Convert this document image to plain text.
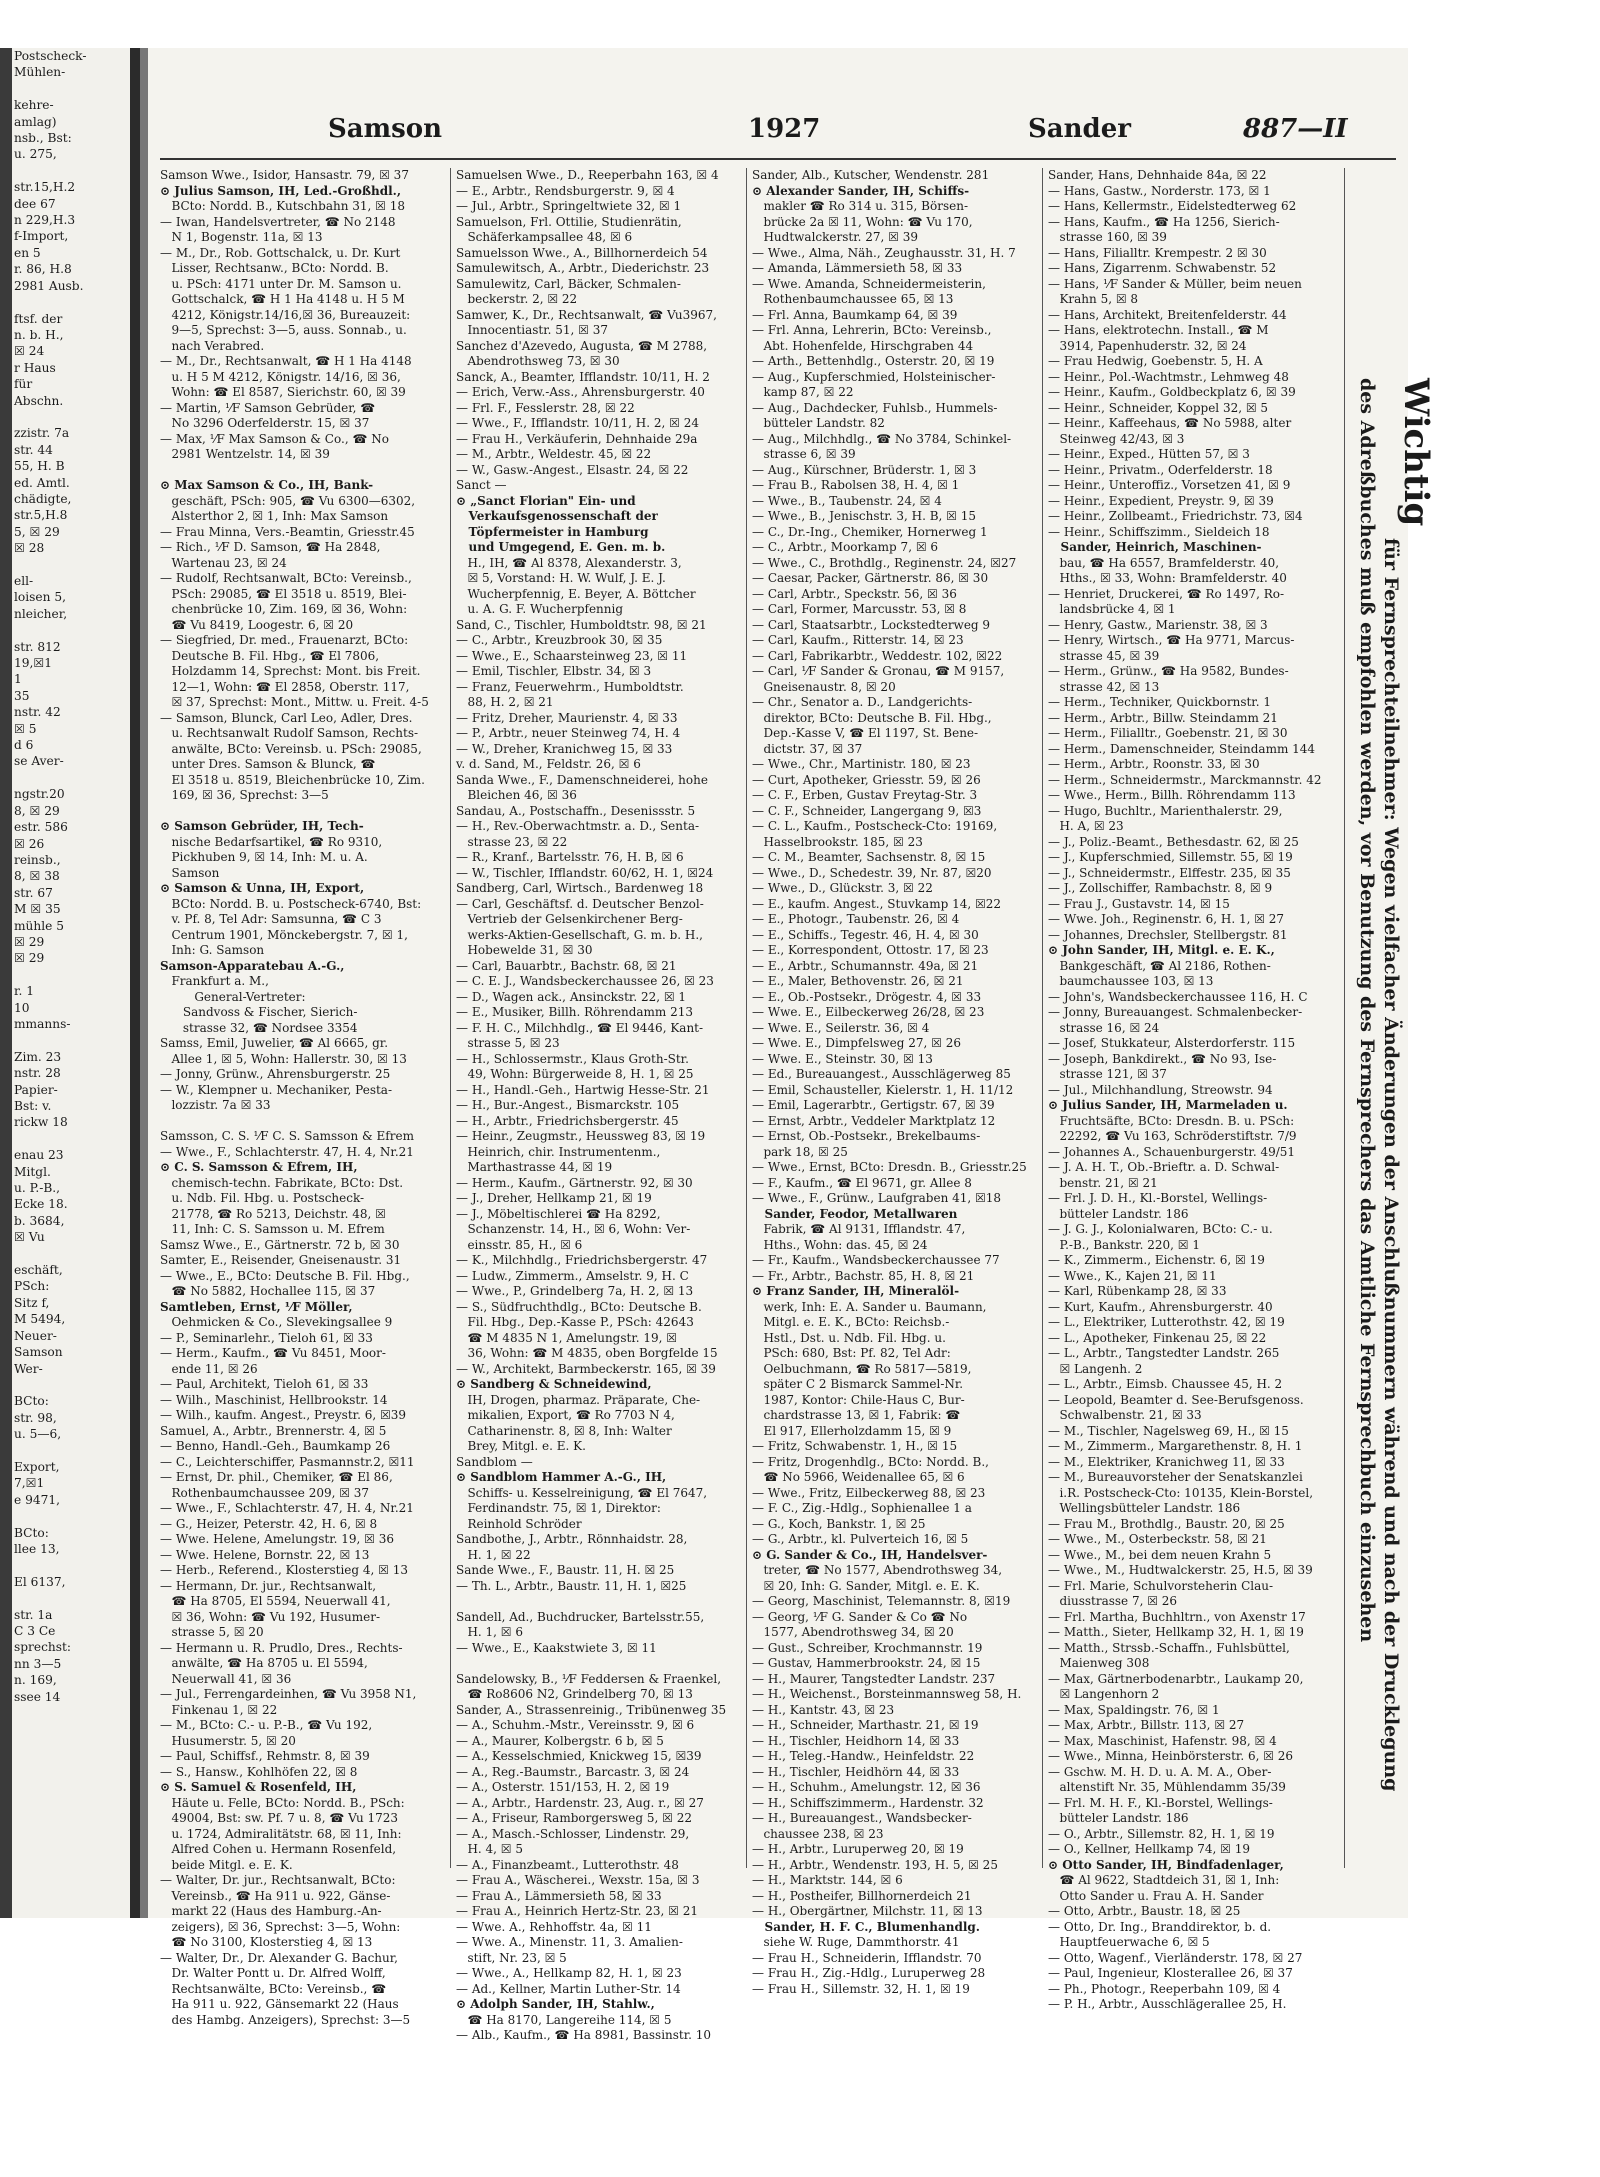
Postscheck-
Mühlen-

kehre-
amlag)
nsb., Bst:
u. 275,

str.15,H.2
dee 67
n 229,H.3
f-Import,
en 5
r. 86, H.8
2981 Ausb.

ftsf. der
n. b. H.,
☒ 24
r Haus
für
Abschn.

zzistr. 7a
str. 44
55, H. B
ed. Amtl.
chädigte,
str.5,H.8
5, ☒ 29
☒ 28

ell-
loisen 5,
nleicher,

str. 812
19,☒1
1
35
nstr. 42
☒ 5
d 6
se Aver-

ngstr.20
8, ☒ 29
estr. 586
☒ 26
reinsb.,
8, ☒ 38
str. 67
M ☒ 35
mühle 5
☒ 29
☒ 29

r. 1
10
mmanns-

Zim. 23
nstr. 28
Papier-
Bst: v.
rickw 18

enau 23
Mitgl.
u. P.-B.,
Ecke 18.
b. 3684,
☒ Vu

eschäft,
PSch:
Sitz f,
M 5494,
Neuer-
Samson
Wer-

BCto:
str. 98,
u. 5—6,

Export,
7,☒1
e 9471,

BCto:
llee 13,

El 6137,

str. 1a
C 3 Ce
sprechst:
nn 3—5
n. 169,
ssee 14
Samson	1927	Sander	887—II
Samson Wwe., Isidor, Hansastr. 79, ☒ 37
⊙ Julius Samson, IH, Led.-Großhdl.,
BCto: Nordd. B., Kutschbahn 31, ☒ 18
— Iwan, Handelsvertreter, ☎ No 2148
N 1, Bogenstr. 11a, ☒ 13
— M., Dr., Rob. Gottschalck, u. Dr. Kurt
Lisser, Rechtsanw., BCto: Nordd. B.
u. PSch: 4171 unter Dr. M. Samson u.
Gottschalck, ☎ H 1 Ha 4148 u. H 5 M
4212, Königstr.14/16,☒ 36, Bureauzeit:
9—5, Sprechst: 3—5, auss. Sonnab., u.
nach Verabred.
— M., Dr., Rechtsanwalt, ☎ H 1 Ha 4148
u. H 5 M 4212, Königstr. 14/16, ☒ 36,
Wohn: ☎ El 8587, Sierichstr. 60, ☒ 39
— Martin, ⅟F Samson Gebrüder, ☎
No 3296 Oderfelderstr. 15, ☒ 37
— Max, ⅟F Max Samson & Co., ☎ No
2981 Wentzelstr. 14, ☒ 39

⊙ Max Samson & Co., IH, Bank-
geschäft, PSch: 905, ☎ Vu 6300—6302,
Alsterthor 2, ☒ 1, Inh: Max Samson
— Frau Minna, Vers.-Beamtin, Griesstr.45
— Rich., ⅟F D. Samson, ☎ Ha 2848,
Wartenau 23, ☒ 24
— Rudolf, Rechtsanwalt, BCto: Vereinsb.,
PSch: 29085, ☎ El 3518 u. 8519, Blei-
chenbrücke 10, Zim. 169, ☒ 36, Wohn:
☎ Vu 8419, Loogestr. 6, ☒ 20
— Siegfried, Dr. med., Frauenarzt, BCto:
Deutsche B. Fil. Hbg., ☎ El 7806,
Holzdamm 14, Sprechst: Mont. bis Freit.
12—1, Wohn: ☎ El 2858, Oberstr. 117,
☒ 37, Sprechst: Mont., Mittw. u. Freit. 4-5
— Samson, Blunck, Carl Leo, Adler, Dres.
u. Rechtsanwalt Rudolf Samson, Rechts-
anwälte, BCto: Vereinsb. u. PSch: 29085,
unter Dres. Samson & Blunck, ☎
El 3518 u. 8519, Bleichenbrücke 10, Zim.
169, ☒ 36, Sprechst: 3—5

⊙ Samson Gebrüder, IH, Tech-
nische Bedarfsartikel, ☎ Ro 9310,
Pickhuben 9, ☒ 14, Inh: M. u. A.
Samson
⊙ Samson & Unna, IH, Export,
BCto: Nordd. B. u. Postscheck-6740, Bst:
v. Pf. 8, Tel Adr: Samsunna, ☎ C 3
Centrum 1901, Mönckebergstr. 7, ☒ 1,
Inh: G. Samson
Samson-Apparatebau A.-G.,
Frankfurt a. M.,
General-Vertreter:
Sandvoss & Fischer, Sierich-
strasse 32, ☎ Nordsee 3354
Samss, Emil, Juwelier, ☎ Al 6665, gr.
Allee 1, ☒ 5, Wohn: Hallerstr. 30, ☒ 13
— Jonny, Grünw., Ahrensburgerstr. 25
— W., Klempner u. Mechaniker, Pesta-
lozzistr. 7a ☒ 33

Samsson, C. S. ⅟F C. S. Samsson & Efrem
— Wwe., F., Schlachterstr. 47, H. 4, Nr.21
⊙ C. S. Samsson & Efrem, IH,
chemisch-techn. Fabrikate, BCto: Dst.
u. Ndb. Fil. Hbg. u. Postscheck-
21778, ☎ Ro 5213, Deichstr. 48, ☒
11, Inh: C. S. Samsson u. M. Efrem
Samsz Wwe., E., Gärtnerstr. 72 b, ☒ 30
Samter, E., Reisender, Gneisenaustr. 31
— Wwe., E., BCto: Deutsche B. Fil. Hbg.,
☎ No 5882, Hochallee 115, ☒ 37
Samtleben, Ernst, ⅟F Möller,
Oehmicken & Co., Slevekingsallee 9
— P., Seminarlehr., Tieloh 61, ☒ 33
— Herm., Kaufm., ☎ Vu 8451, Moor-
ende 11, ☒ 26
— Paul, Architekt, Tieloh 61, ☒ 33
— Wilh., Maschinist, Hellbrookstr. 14
— Wilh., kaufm. Angest., Preystr. 6, ☒39
Samuel, A., Arbtr., Brennerstr. 4, ☒ 5
— Benno, Handl.-Geh., Baumkamp 26
— C., Leichterschiffer, Pasmannstr.2, ☒11
— Ernst, Dr. phil., Chemiker, ☎ El 86,
Rothenbaumchaussee 209, ☒ 37
— Wwe., F., Schlachterstr. 47, H. 4, Nr.21
— G., Heizer, Peterstr. 42, H. 6, ☒ 8
— Wwe. Helene, Amelungstr. 19, ☒ 36
— Wwe. Helene, Bornstr. 22, ☒ 13
— Herb., Referend., Klosterstieg 4, ☒ 13
— Hermann, Dr. jur., Rechtsanwalt,
☎ Ha 8705, El 5594, Neuerwall 41,
☒ 36, Wohn: ☎ Vu 192, Husumer-
strasse 5, ☒ 20
— Hermann u. R. Prudlo, Dres., Rechts-
anwälte, ☎ Ha 8705 u. El 5594,
Neuerwall 41, ☒ 36
— Jul., Ferrengardeinhen, ☎ Vu 3958 N1,
Finkenau 1, ☒ 22
— M., BCto: C.- u. P.-B., ☎ Vu 192,
Husumerstr. 5, ☒ 20
— Paul, Schiffsf., Rehmstr. 8, ☒ 39
— S., Hansw., Kohlhöfen 22, ☒ 8
⊙ S. Samuel & Rosenfeld, IH,
Häute u. Felle, BCto: Nordd. B., PSch:
49004, Bst: sw. Pf. 7 u. 8, ☎ Vu 1723
u. 1724, Admiralitätstr. 68, ☒ 11, Inh:
Alfred Cohen u. Hermann Rosenfeld,
beide Mitgl. e. E. K.
— Walter, Dr. jur., Rechtsanwalt, BCto:
Vereinsb., ☎ Ha 911 u. 922, Gänse-
markt 22 (Haus des Hamburg.-An-
zeigers), ☒ 36, Sprechst: 3—5, Wohn:
☎ No 3100, Klosterstieg 4, ☒ 13
— Walter, Dr., Dr. Alexander G. Bachur,
Dr. Walter Pontt u. Dr. Alfred Wolff,
Rechtsanwälte, BCto: Vereinsb., ☎
Ha 911 u. 922, Gänsemarkt 22 (Haus
des Hambg. Anzeigers), Sprechst: 3—5
Samuelsen Wwe., D., Reeperbahn 163, ☒ 4
— E., Arbtr., Rendsburgerstr. 9, ☒ 4
— Jul., Arbtr., Springeltwiete 32, ☒ 1
Samuelson, Frl. Ottilie, Studienrätin,
Schäferkampsallee 48, ☒ 6
Samuelsson Wwe., A., Billhornerdeich 54
Samulewitsch, A., Arbtr., Diederichstr. 23
Samulewitz, Carl, Bäcker, Schmalen-
beckerstr. 2, ☒ 22
Samwer, K., Dr., Rechtsanwalt, ☎ Vu3967,
Innocentiastr. 51, ☒ 37
Sanchez d'Azevedo, Augusta, ☎ M 2788,
Abendrothsweg 73, ☒ 30
Sanck, A., Beamter, Ifflandstr. 10/11, H. 2
— Erich, Verw.-Ass., Ahrensburgerstr. 40
— Frl. F., Fesslerstr. 28, ☒ 22
— Wwe., F., Ifflandstr. 10/11, H. 2, ☒ 24
— Frau H., Verkäuferin, Dehnhaide 29a
— M., Arbtr., Weldestr. 45, ☒ 22
— W., Gasw.-Angest., Elsastr. 24, ☒ 22
Sanct —
⊙ „Sanct Florian" Ein- und
Verkaufsgenossenschaft der
Töpfermeister in Hamburg
und Umgegend, E. Gen. m. b.
H., IH, ☎ Al 8378, Alexanderstr. 3,
☒ 5, Vorstand: H. W. Wulf, J. E. J.
Wucherpfennig, E. Beyer, A. Böttcher
u. A. G. F. Wucherpfennig
Sand, C., Tischler, Humboldtstr. 98, ☒ 21
— C., Arbtr., Kreuzbrook 30, ☒ 35
— Wwe., E., Schaarsteinweg 23, ☒ 11
— Emil, Tischler, Elbstr. 34, ☒ 3
— Franz, Feuerwehrm., Humboldtstr.
88, H. 2, ☒ 21
— Fritz, Dreher, Maurienstr. 4, ☒ 33
— P., Arbtr., neuer Steinweg 74, H. 4
— W., Dreher, Kranichweg 15, ☒ 33
v. d. Sand, M., Feldstr. 26, ☒ 6
Sanda Wwe., F., Damenschneiderei, hohe
Bleichen 46, ☒ 36
Sandau, A., Postschaffn., Desenissstr. 5
— H., Rev.-Oberwachtmstr. a. D., Senta-
strasse 23, ☒ 22
— R., Kranf., Bartelsstr. 76, H. B, ☒ 6
— W., Tischler, Ifflandstr. 60/62, H. 1, ☒24
Sandberg, Carl, Wirtsch., Bardenweg 18
— Carl, Geschäftsf. d. Deutscher Benzol-
Vertrieb der Gelsenkirchener Berg-
werks-Aktien-Gesellschaft, G. m. b. H.,
Hobewelde 31, ☒ 30
— Carl, Bauarbtr., Bachstr. 68, ☒ 21
— C. E. J., Wandsbeckerchaussee 26, ☒ 23
— D., Wagen ack., Ansinckstr. 22, ☒ 1
— E., Musiker, Billh. Röhrendamm 213
— F. H. C., Milchhdlg., ☎ El 9446, Kant-
strasse 5, ☒ 23
— H., Schlossermstr., Klaus Groth-Str.
49, Wohn: Bürgerweide 8, H. 1, ☒ 25
— H., Handl.-Geh., Hartwig Hesse-Str. 21
— H., Bur.-Angest., Bismarckstr. 105
— H., Arbtr., Friedrichsbergerstr. 45
— Heinr., Zeugmstr., Heussweg 83, ☒ 19
Heinrich, chir. Instrumentenm.,
Marthastrasse 44, ☒ 19
— Herm., Kaufm., Gärtnerstr. 92, ☒ 30
— J., Dreher, Hellkamp 21, ☒ 19
— J., Möbeltischlerei ☎ Ha 8292,
Schanzenstr. 14, H., ☒ 6, Wohn: Ver-
einsstr. 85, H., ☒ 6
— K., Milchhdlg., Friedrichsbergerstr. 47
— Ludw., Zimmerm., Amselstr. 9, H. C
— Wwe., P., Grindelberg 7a, H. 2, ☒ 13
— S., Südfruchthdlg., BCto: Deutsche B.
Fil. Hbg., Dep.-Kasse P., PSch: 42643
☎ M 4835 N 1, Amelungstr. 19, ☒
36, Wohn: ☎ M 4835, oben Borgfelde 15
— W., Architekt, Barmbeckerstr. 165, ☒ 39
⊙ Sandberg & Schneidewind,
IH, Drogen, pharmaz. Präparate, Che-
mikalien, Export, ☎ Ro 7703 N 4,
Catharinenstr. 8, ☒ 8, Inh: Walter
Brey, Mitgl. e. E. K.
Sandblom —
⊙ Sandblom Hammer A.-G., IH,
Schiffs- u. Kesselreinigung, ☎ El 7647,
Ferdinandstr. 75, ☒ 1, Direktor:
Reinhold Schröder
Sandbothe, J., Arbtr., Rönnhaidstr. 28,
H. 1, ☒ 22
Sande Wwe., F., Baustr. 11, H. ☒ 25
— Th. L., Arbtr., Baustr. 11, H. 1, ☒25

Sandell, Ad., Buchdrucker, Bartelsstr.55,
H. 1, ☒ 6
— Wwe., E., Kaakstwiete 3, ☒ 11

Sandelowsky, B., ⅟F Feddersen & Fraenkel,
☎ Ro8606 N2, Grindelberg 70, ☒ 13
Sander, A., Strassenreinig., Tribünenweg 35
— A., Schuhm.-Mstr., Vereinsstr. 9, ☒ 6
— A., Maurer, Kolbergstr. 6 b, ☒ 5
— A., Kesselschmied, Knickweg 15, ☒39
— A., Reg.-Baumstr., Barcastr. 3, ☒ 24
— A., Osterstr. 151/153, H. 2, ☒ 19
— A., Arbtr., Hardenstr. 23, Aug. r., ☒ 27
— A., Friseur, Ramborgersweg 5, ☒ 22
— A., Masch.-Schlosser, Lindenstr. 29,
H. 4, ☒ 5
— A., Finanzbeamt., Lutterothstr. 48
— Frau A., Wäscherei., Wexstr. 15a, ☒ 3
— Frau A., Lämmersieth 58, ☒ 33
— Frau A., Heinrich Hertz-Str. 23, ☒ 21
— Wwe. A., Rehhoffstr. 4a, ☒ 11
— Wwe. A., Minenstr. 11, 3. Amalien-
stift, Nr. 23, ☒ 5
— Wwe., A., Hellkamp 82, H. 1, ☒ 23
— Ad., Kellner, Martin Luther-Str. 14
⊙ Adolph Sander, IH, Stahlw.,
☎ Ha 8170, Langereihe 114, ☒ 5
— Alb., Kaufm., ☎ Ha 8981, Bassinstr. 10
Sander, Alb., Kutscher, Wendenstr. 281
⊙ Alexander Sander, IH, Schiffs-
makler ☎ Ro 314 u. 315, Börsen-
brücke 2a ☒ 11, Wohn: ☎ Vu 170,
Hudtwalckerstr. 27, ☒ 39
— Wwe., Alma, Näh., Zeughausstr. 31, H. 7
— Amanda, Lämmersieth 58, ☒ 33
— Wwe. Amanda, Schneidermeisterin,
Rothenbaumchaussee 65, ☒ 13
— Frl. Anna, Baumkamp 64, ☒ 39
— Frl. Anna, Lehrerin, BCto: Vereinsb.,
Abt. Hohenfelde, Hirschgraben 44
— Arth., Bettenhdlg., Osterstr. 20, ☒ 19
— Aug., Kupferschmied, Holsteinischer-
kamp 87, ☒ 22
— Aug., Dachdecker, Fuhlsb., Hummels-
bütteler Landstr. 82
— Aug., Milchhdlg., ☎ No 3784, Schinkel-
strasse 6, ☒ 39
— Aug., Kürschner, Brüderstr. 1, ☒ 3
— Frau B., Rabolsen 38, H. 4, ☒ 1
— Wwe., B., Taubenstr. 24, ☒ 4
— Wwe., B., Jenischstr. 3, H. B, ☒ 15
— C., Dr.-Ing., Chemiker, Hornerweg 1
— C., Arbtr., Moorkamp 7, ☒ 6
— Wwe., C., Brothdlg., Reginenstr. 24, ☒27
— Caesar, Packer, Gärtnerstr. 86, ☒ 30
— Carl, Arbtr., Speckstr. 56, ☒ 36
— Carl, Former, Marcusstr. 53, ☒ 8
— Carl, Staatsarbtr., Lockstedterweg 9
— Carl, Kaufm., Ritterstr. 14, ☒ 23
— Carl, Fabrikarbtr., Weddestr. 102, ☒22
— Carl, ⅟F Sander & Gronau, ☎ M 9157,
Gneisenaustr. 8, ☒ 20
— Chr., Senator a. D., Landgerichts-
direktor, BCto: Deutsche B. Fil. Hbg.,
Dep.-Kasse V, ☎ El 1197, St. Bene-
dictstr. 37, ☒ 37
— Wwe., Chr., Martinistr. 180, ☒ 23
— Curt, Apotheker, Griesstr. 59, ☒ 26
— C. F., Erben, Gustav Freytag-Str. 3
— C. F., Schneider, Langergang 9, ☒3
— C. L., Kaufm., Postscheck-Cto: 19169,
Hasselbrookstr. 185, ☒ 23
— C. M., Beamter, Sachsenstr. 8, ☒ 15
— Wwe., D., Schedestr. 39, Nr. 87, ☒20
— Wwe., D., Glückstr. 3, ☒ 22
— E., kaufm. Angest., Stuvkamp 14, ☒22
— E., Photogr., Taubenstr. 26, ☒ 4
— E., Schiffs., Tegestr. 46, H. 4, ☒ 30
— E., Korrespondent, Ottostr. 17, ☒ 23
— E., Arbtr., Schumannstr. 49a, ☒ 21
— E., Maler, Bethovenstr. 26, ☒ 21
— E., Ob.-Postsekr., Drögestr. 4, ☒ 33
— Wwe. E., Eilbeckerweg 26/28, ☒ 23
— Wwe. E., Seilerstr. 36, ☒ 4
— Wwe. E., Dimpfelsweg 27, ☒ 26
— Wwe. E., Steinstr. 30, ☒ 13
— Ed., Bureauangest., Ausschlägerweg 85
— Emil, Schausteller, Kielerstr. 1, H. 11/12
— Emil, Lagerarbtr., Gertigstr. 67, ☒ 39
— Ernst, Arbtr., Veddeler Marktplatz 12
— Ernst, Ob.-Postsekr., Brekelbaums-
park 18, ☒ 25
— Wwe., Ernst, BCto: Dresdn. B., Griesstr.25
— F., Kaufm., ☎ El 9671, gr. Allee 8
— Wwe., F., Grünw., Laufgraben 41, ☒18
Sander, Feodor, Metallwaren
Fabrik, ☎ Al 9131, Ifflandstr. 47,
Hths., Wohn: das. 45, ☒ 24
— Fr., Kaufm., Wandsbeckerchaussee 77
— Fr., Arbtr., Bachstr. 85, H. 8, ☒ 21
⊙ Franz Sander, IH, Mineralöl-
werk, Inh: E. A. Sander u. Baumann,
Mitgl. e. E. K., BCto: Reichsb.-
Hstl., Dst. u. Ndb. Fil. Hbg. u.
PSch: 680, Bst: Pf. 82, Tel Adr:
Oelbuchmann, ☎ Ro 5817—5819,
später C 2 Bismarck Sammel-Nr.
1987, Kontor: Chile-Haus C, Bur-
chardstrasse 13, ☒ 1, Fabrik: ☎
El 917, Ellerholzdamm 15, ☒ 9
— Fritz, Schwabenstr. 1, H., ☒ 15
— Fritz, Drogenhdlg., BCto: Nordd. B.,
☎ No 5966, Weidenallee 65, ☒ 6
— Wwe., Fritz, Eilbeckerweg 88, ☒ 23
— F. C., Zig.-Hdlg., Sophienallee 1 a
— G., Koch, Bankstr. 1, ☒ 25
— G., Arbtr., kl. Pulverteich 16, ☒ 5
⊙ G. Sander & Co., IH, Handelsver-
treter, ☎ No 1577, Abendrothsweg 34,
☒ 20, Inh: G. Sander, Mitgl. e. E. K.
— Georg, Maschinist, Telemannstr. 8, ☒19
— Georg, ⅟F G. Sander & Co ☎ No
1577, Abendrothsweg 34, ☒ 20
— Gust., Schreiber, Krochmannstr. 19
— Gustav, Hammerbrookstr. 24, ☒ 15
— H., Maurer, Tangstedter Landstr. 237
— H., Weichenst., Borsteinmannsweg 58, H.
— H., Kantstr. 43, ☒ 23
— H., Schneider, Marthastr. 21, ☒ 19
— H., Tischler, Heidhorn 14, ☒ 33
— H., Teleg.-Handw., Heinfeldstr. 22
— H., Tischler, Heidhörn 44, ☒ 33
— H., Schuhm., Amelungstr. 12, ☒ 36
— H., Schiffszimmerm., Hardenstr. 32
— H., Bureauangest., Wandsbecker-
chaussee 238, ☒ 23
— H., Arbtr., Luruperweg 20, ☒ 19
— H., Arbtr., Wendenstr. 193, H. 5, ☒ 25
— H., Marktstr. 144, ☒ 6
— H., Postheifer, Billhornerdeich 21
— H., Obergärtner, Milchstr. 11, ☒ 13
Sander, H. F. C., Blumenhandlg.
siehe W. Ruge, Dammthorstr. 41
— Frau H., Schneiderin, Ifflandstr. 70
— Frau H., Zig.-Hdlg., Luruperweg 28
— Frau H., Sillemstr. 32, H. 1, ☒ 19
Sander, Hans, Dehnhaide 84a, ☒ 22
— Hans, Gastw., Norderstr. 173, ☒ 1
— Hans, Kellermstr., Eidelstedterweg 62
— Hans, Kaufm., ☎ Ha 1256, Sierich-
strasse 160, ☒ 39
— Hans, Filialltr. Krempestr. 2 ☒ 30
— Hans, Zigarrenm. Schwabenstr. 52
— Hans, ⅟F Sander & Müller, beim neuen
Krahn 5, ☒ 8
— Hans, Architekt, Breitenfelderstr. 44
— Hans, elektrotechn. Install., ☎ M
3914, Papenhuderstr. 32, ☒ 24
— Frau Hedwig, Goebenstr. 5, H. A
— Heinr., Pol.-Wachtmstr., Lehmweg 48
— Heinr., Kaufm., Goldbeckplatz 6, ☒ 39
— Heinr., Schneider, Koppel 32, ☒ 5
— Heinr., Kaffeehaus, ☎ No 5988, alter
Steinweg 42/43, ☒ 3
— Heinr., Exped., Hütten 57, ☒ 3
— Heinr., Privatm., Oderfelderstr. 18
— Heinr., Unteroffiz., Vorsetzen 41, ☒ 9
— Heinr., Expedient, Preystr. 9, ☒ 39
— Heinr., Zollbeamt., Friedrichstr. 73, ☒4
— Heinr., Schiffszimm., Sieldeich 18
Sander, Heinrich, Maschinen-
bau, ☎ Ha 6557, Bramfelderstr. 40,
Hths., ☒ 33, Wohn: Bramfelderstr. 40
— Henriet, Druckerei, ☎ Ro 1497, Ro-
landsbrücke 4, ☒ 1
— Henry, Gastw., Marienstr. 38, ☒ 3
— Henry, Wirtsch., ☎ Ha 9771, Marcus-
strasse 45, ☒ 39
— Herm., Grünw., ☎ Ha 9582, Bundes-
strasse 42, ☒ 13
— Herm., Techniker, Quickbornstr. 1
— Herm., Arbtr., Billw. Steindamm 21
— Herm., Filialltr., Goebenstr. 21, ☒ 30
— Herm., Damenschneider, Steindamm 144
— Herm., Arbtr., Roonstr. 33, ☒ 30
— Herm., Schneidermstr., Marckmannstr. 42
— Wwe., Herm., Billh. Röhrendamm 113
— Hugo, Buchltr., Marienthalerstr. 29,
H. A, ☒ 23
— J., Poliz.-Beamt., Bethesdastr. 62, ☒ 25
— J., Kupferschmied, Sillemstr. 55, ☒ 19
— J., Schneidermstr., Elffestr. 235, ☒ 35
— J., Zollschiffer, Rambachstr. 8, ☒ 9
— Frau J., Gustavstr. 14, ☒ 15
— Wwe. Joh., Reginenstr. 6, H. 1, ☒ 27
— Johannes, Drechsler, Stellbergstr. 81
⊙ John Sander, IH, Mitgl. e. E. K.,
Bankgeschäft, ☎ Al 2186, Rothen-
baumchaussee 103, ☒ 13
— John's, Wandsbeckerchaussee 116, H. C
— Jonny, Bureauangest. Schmalenbecker-
strasse 16, ☒ 24
— Josef, Stukkateur, Alsterdorferstr. 115
— Joseph, Bankdirekt., ☎ No 93, Ise-
strasse 121, ☒ 37
— Jul., Milchhandlung, Streowstr. 94
⊙ Julius Sander, IH, Marmeladen u.
Fruchtsäfte, BCto: Dresdn. B. u. PSch:
22292, ☎ Vu 163, Schröderstiftstr. 7/9
— Johannes A., Schauenburgerstr. 49/51
— J. A. H. T., Ob.-Brieftr. a. D. Schwal-
benstr. 21, ☒ 21
— Frl. J. D. H., Kl.-Borstel, Wellings-
bütteler Landstr. 186
— J. G. J., Kolonialwaren, BCto: C.- u.
P.-B., Bankstr. 220, ☒ 1
— K., Zimmerm., Eichenstr. 6, ☒ 19
— Wwe., K., Kajen 21, ☒ 11
— Karl, Rübenkamp 28, ☒ 33
— Kurt, Kaufm., Ahrensburgerstr. 40
— L., Elektriker, Lutterothstr. 42, ☒ 19
— L., Apotheker, Finkenau 25, ☒ 22
— L., Arbtr., Tangstedter Landstr. 265
☒ Langenh. 2
— L., Arbtr., Eimsb. Chaussee 45, H. 2
— Leopold, Beamter d. See-Berufsgenoss.
Schwalbenstr. 21, ☒ 33
— M., Tischler, Nagelsweg 69, H., ☒ 15
— M., Zimmerm., Margarethenstr. 8, H. 1
— M., Elektriker, Kranichweg 11, ☒ 33
— M., Bureauvorsteher der Senatskanzlei
i.R. Postscheck-Cto: 10135, Klein-Borstel,
Wellingsbütteler Landstr. 186
— Frau M., Brothdlg., Baustr. 20, ☒ 25
— Wwe., M., Osterbeckstr. 58, ☒ 21
— Wwe., M., bei dem neuen Krahn 5
— Wwe., M., Hudtwalckerstr. 25, H.5, ☒ 39
— Frl. Marie, Schulvorsteherin Clau-
diusstrasse 7, ☒ 26
— Frl. Martha, Buchhltrn., von Axenstr 17
— Matth., Sieter, Hellkamp 32, H. 1, ☒ 19
— Matth., Strssb.-Schaffn., Fuhlsbüttel,
Maienweg 308
— Max, Gärtnerbodenarbtr., Laukamp 20,
☒ Langenhorn 2
— Max, Spaldingstr. 76, ☒ 1
— Max, Arbtr., Billstr. 113, ☒ 27
— Max, Maschinist, Hafenstr. 98, ☒ 4
— Wwe., Minna, Heinbörsterstr. 6, ☒ 26
— Gschw. M. H. D. u. A. M. A., Ober-
altenstift Nr. 35, Mühlendamm 35/39
— Frl. M. H. F., Kl.-Borstel, Wellings-
bütteler Landstr. 186
— O., Arbtr., Sillemstr. 82, H. 1, ☒ 19
— O., Kellner, Hellkamp 74, ☒ 19
⊙ Otto Sander, IH, Bindfadenlager,
☎ Al 9622, Stadtdeich 31, ☒ 1, Inh:
Otto Sander u. Frau A. H. Sander
— Otto, Arbtr., Baustr. 18, ☒ 25
— Otto, Dr. Ing., Branddirektor, b. d.
Hauptfeuerwache 6, ☒ 5
— Otto, Wagenf., Vierländerstr. 178, ☒ 27
— Paul, Ingenieur, Klosterallee 26, ☒ 37
— Ph., Photogr., Reeperbahn 109, ☒ 4
— P. H., Arbtr., Ausschlägerallee 25, H.
Wichtig
für Fernsprechteilnehmer: Wegen vielfacher Änderungen der Anschlußnummern während und nach der Drucklegung
des Adreßbuches muß empfohlen werden, vor Benutzung des Fernsprechers das Amtliche Fernsprechbuch einzusehen
